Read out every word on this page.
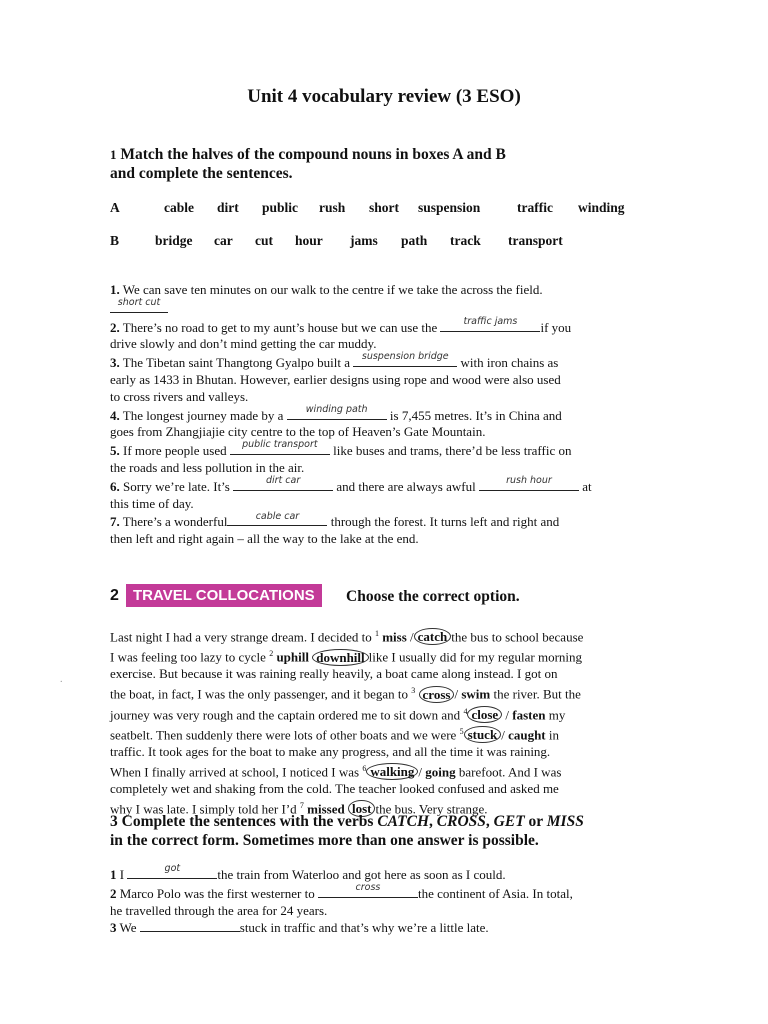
Unit 4 vocabulary review (3 ESO)
1 Match the halves of the compound nouns in boxes A and B
and complete the sentences.
A	cable dirt public rush short suspension	traffic winding
B	bridge car cut hour jams path track transport
1. We can save ten minutes on our walk to the centre if we take the across the field.
short cut
2. There’s no road to get to my aunt’s house but we can use the	traffic jams	if you
drive slowly and don’t mind getting the car muddy.
3. The Tibetan saint Thangtong Gyalpo built a	suspension bridge with iron chains as
early as 1433 in Bhutan. However, earlier designs using rope and wood were also used
to cross rivers and valleys.
4. The longest journey made by a	winding path	is 7,455 metres. It’s in China and
goes from Zhangjiajie city centre to the top of Heaven’s Gate Mountain.
5. If more people used	public transport	like buses and trams, there’d be less traffic on
the roads and less pollution in the air.
6. Sorry we’re late. It’s	dirt car	and there are always awful	rush hour	at
this time of day.
7. There’s a wonderful	cable car	through the forest. It turns left and right and
then left and right again – all the way to the lake at the end.
2 TRAVEL COLLOCATIONS	Choose the correct option.
.
Last night I had a very strange dream. I decided to $^1$ miss / catch the bus to school because
I was feeling too lazy to cycle $^2$ uphill downhill like I usually did for my regular morning
exercise. But because it was raining really heavily, a boat came along instead. I got on
the boat, in fact, I was the only passenger, and it began to $^3$ cross / swim the river. But the
journey was very rough and the captain ordered me to sit down and $^4$ close / fasten my
seatbelt. Then suddenly there were lots of other boats and we were $^5$ stuck / caught in
traffic. It took ages for the boat to make any progress, and all the time it was raining.
When I finally arrived at school, I noticed I was $^6$ walking / going barefoot. And I was
completely wet and shaking from the cold. The teacher looked confused and asked me
why I was late. I simply told her I’d $^7$ missed lost the bus. Very strange.
3 Complete the sentences with the verbs CATCH, CROSS, GET or MISS
in the correct form. Sometimes more than one answer is possible.
1 I	got	the train from Waterloo and got here as soon as I could.
2 Marco Polo was the first westerner to	cross	the continent of Asia. In total,
he travelled through the area for 24 years.
3 We	stuck in traffic and that’s why we’re a little late.
